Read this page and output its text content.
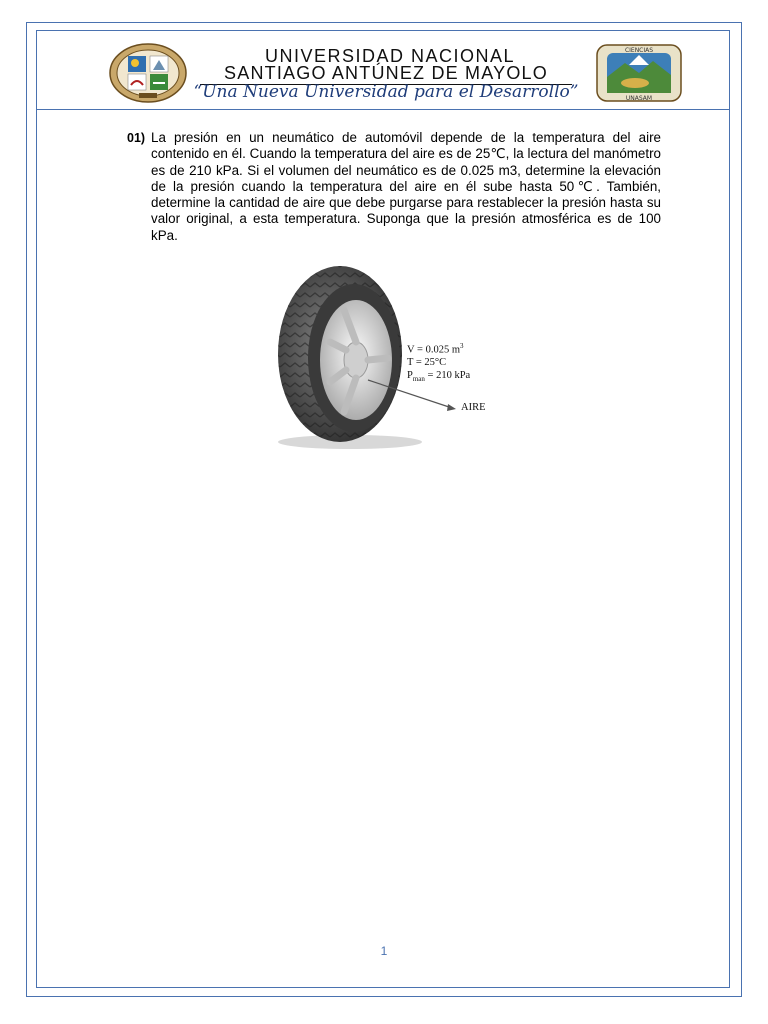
CIENCIAS
UNASAM
UNIVERSIDAD NACIONAL
SANTIAGO ANTÚNEZ DE MAYOLO
“Una Nueva Universidad para el Desarrollo”
01) La presión en un neumático de automóvil depende de la temperatura del aire contenido en él. Cuando la temperatura del aire es de 25℃, la lectura del manómetro es de 210 kPa. Si el volumen del neumático es de 0.025 m3, determine la elevación de la presión cuando la temperatura del aire en él sube hasta 50℃. También, determine la cantidad de aire que debe purgarse para restablecer la presión hasta su valor original, a esta temperatura. Suponga que la presión atmosférica es de 100 kPa.
V = 0.025 $m^3$
T = 25°C
$P_{man} = 210$ kPa
AIRE
1
